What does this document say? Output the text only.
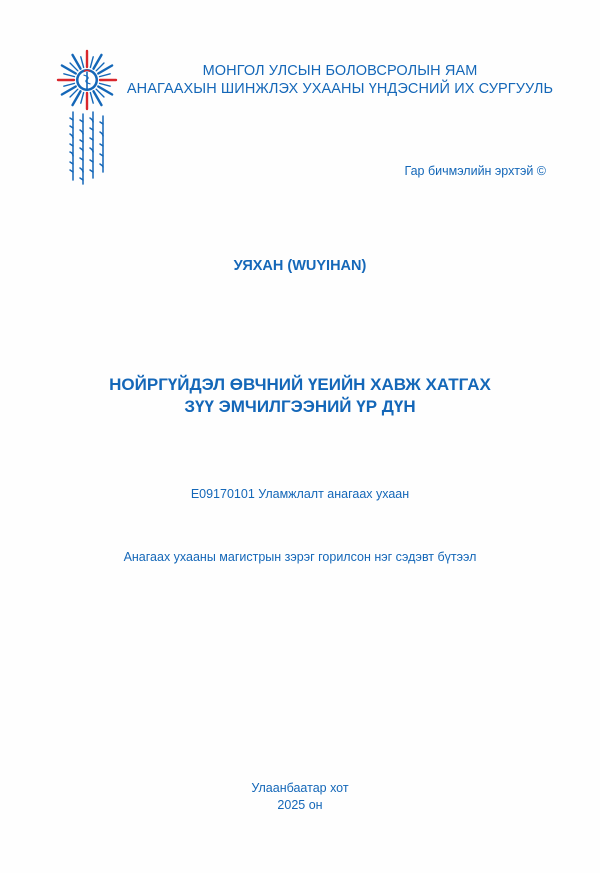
МОНГОЛ УЛСЫН БОЛОВСРОЛЫН ЯАМ
АНАГААХЫН ШИНЖЛЭХ УХААНЫ ҮНДЭСНИЙ ИХ СУРГУУЛЬ
Гар бичмэлийн эрхтэй ©
УЯХАН (WUYIHAN)
НОЙРГҮЙДЭЛ ӨВЧНИЙ ҮЕИЙН ХАВЖ ХАТГАХ
ЗҮҮ ЭМЧИЛГЭЭНИЙ ҮР ДҮН
E09170101 Уламжлалт анагаах ухаан
Анагаах ухааны магистрын зэрэг горилсон нэг сэдэвт бүтээл
Улаанбаатар хот
2025 он
